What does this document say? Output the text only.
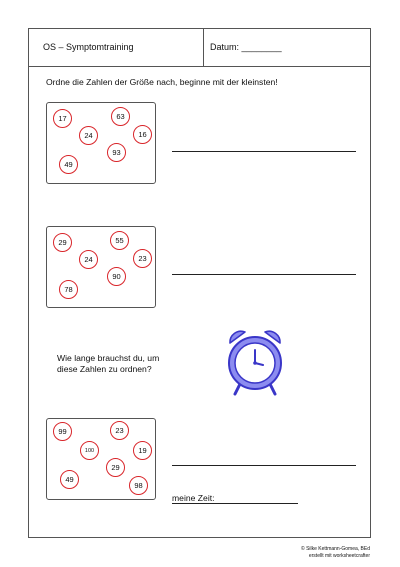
OS – Symptomtraining	Datum: ________
Ordne die Zahlen der Größe nach, beginne mit der kleinsten!
17	63
24	16
93
49
29	55
24	23
90
78
Wie lange brauchst du, um
diese Zahlen zu ordnen?
99	23
100	19
29
49
98
meine Zeit:
© Silke Kettmann-Gomea, BEd
erstellt mit worksheetcrafter
